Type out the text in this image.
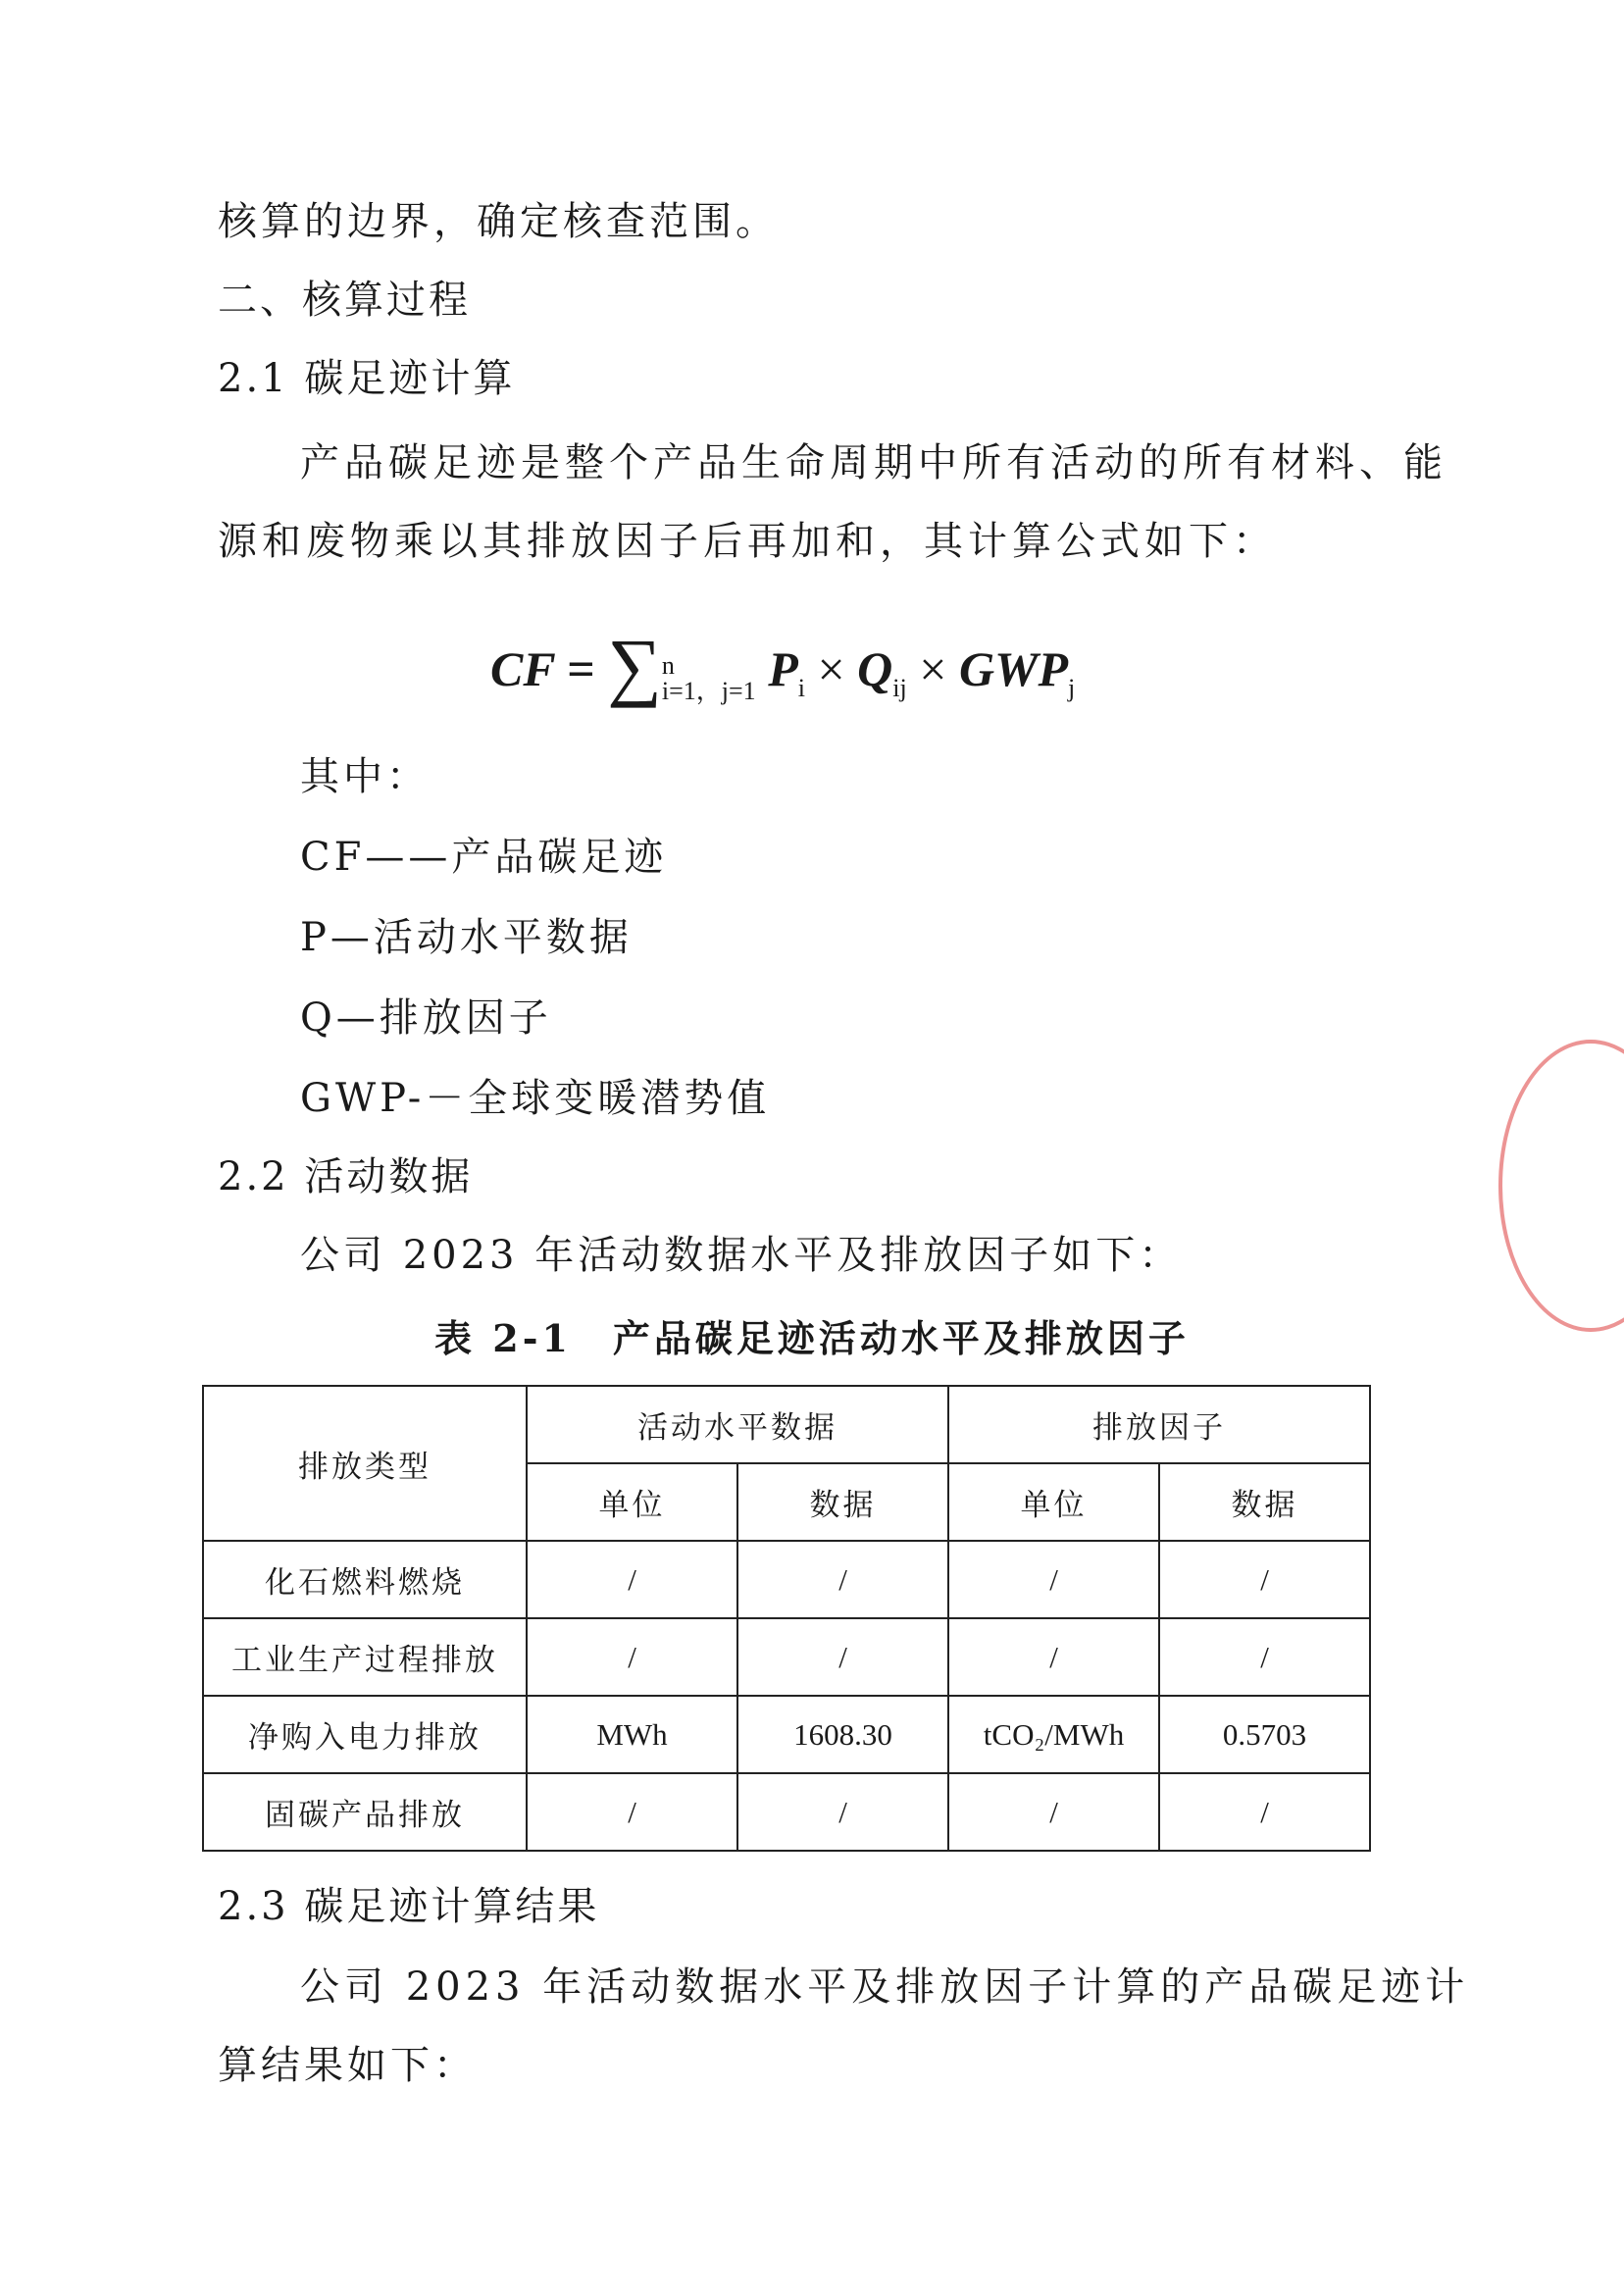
核算的边界，确定核查范围。
二、核算过程
2.1 碳足迹计算
产品碳足迹是整个产品生命周期中所有活动的所有材料、能
源和废物乘以其排放因子后再加和，其计算公式如下：
CF = ∑n
i=1，j=1 $P_i \times Q_{ij} \times GWP_j$
其中：
CF——产品碳足迹
P—活动水平数据
Q—排放因子
GWP-－全球变暖潜势值
2.2 活动数据
公司 2023 年活动数据水平及排放因子如下：
表 2-1　产品碳足迹活动水平及排放因子
排放类型	活动水平数据		排放因子	
	单位	数据	单位	数据
化石燃料燃烧	/	/	/	/
工业生产过程排放	/	/	/	/
净购入电力排放	MWh	1608.30	tCO₂/MWh	0.5703
固碳产品排放	/	/	/	/
2.3 碳足迹计算结果
公司 2023 年活动数据水平及排放因子计算的产品碳足迹计
算结果如下：
